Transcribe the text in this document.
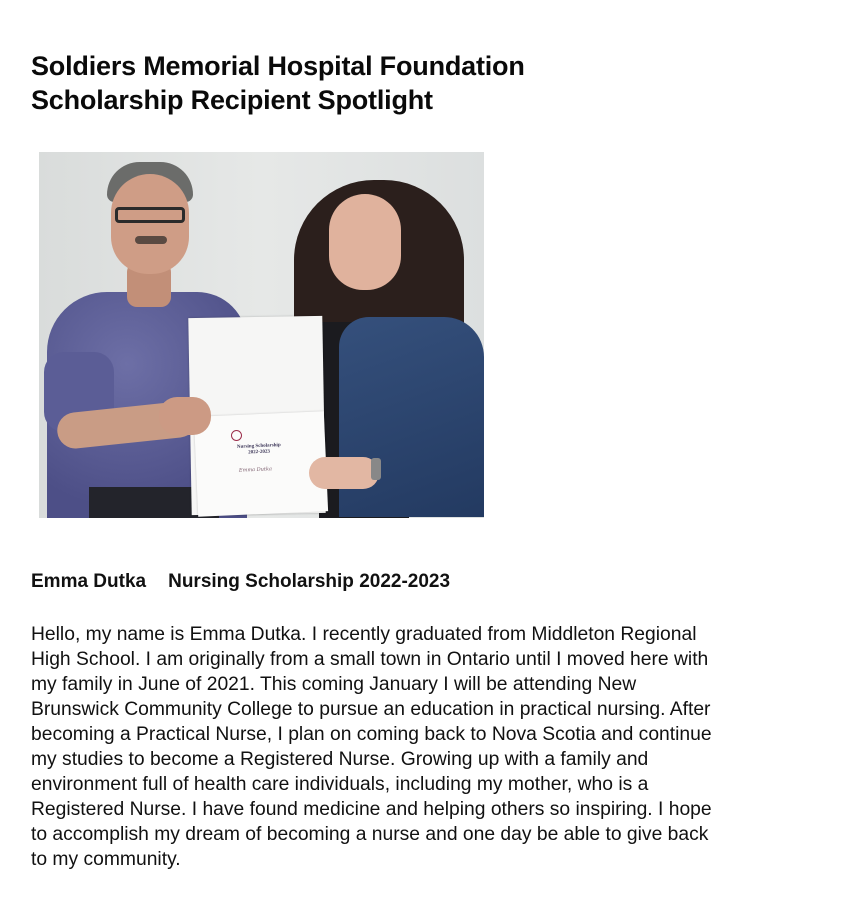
Soldiers Memorial Hospital Foundation
Scholarship Recipient Spotlight
Nursing Scholarship
2022-2023
Emma Dutka
Emma Dutka Nursing Scholarship 2022-2023
Hello, my name is Emma Dutka. I recently graduated from Middleton Regional
High School. I am originally from a small town in Ontario until I moved here with
my family in June of 2021. This coming January I will be attending New
Brunswick Community College to pursue an education in practical nursing. After
becoming a Practical Nurse, I plan on coming back to Nova Scotia and continue
my studies to become a Registered Nurse. Growing up with a family and
environment full of health care individuals, including my mother, who is a
Registered Nurse. I have found medicine and helping others so inspiring. I hope
to accomplish my dream of becoming a nurse and one day be able to give back
to my community.
